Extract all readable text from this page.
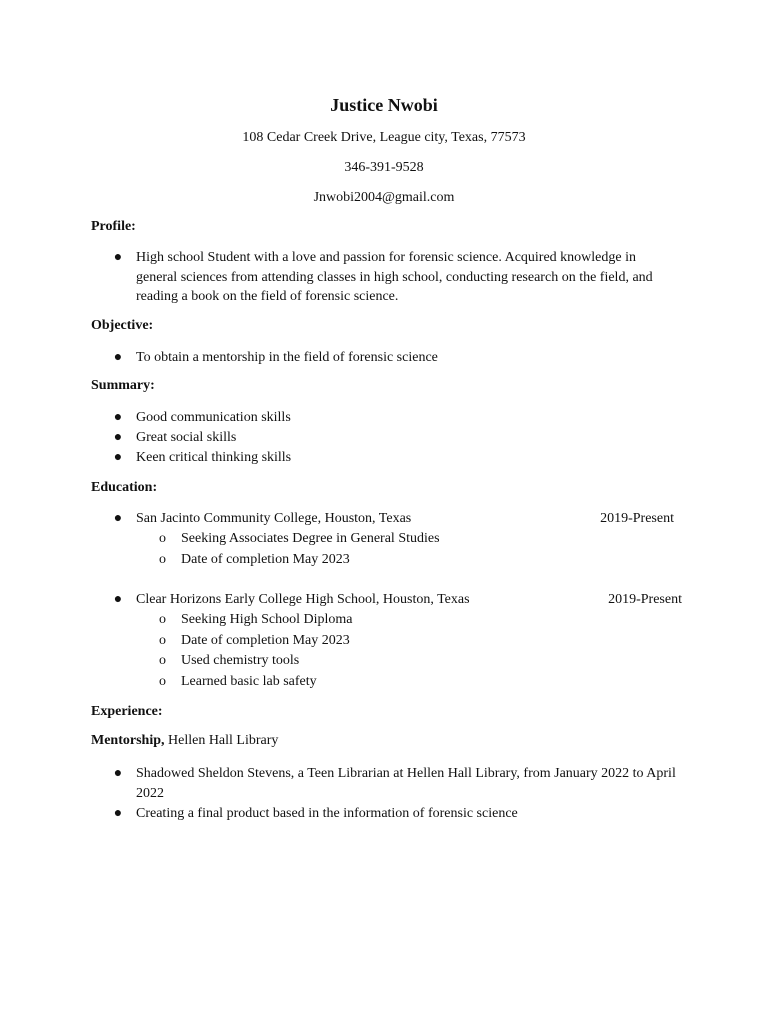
Justice Nwobi
108 Cedar Creek Drive, League city, Texas, 77573
346-391-9528
Jnwobi2004@gmail.com
Profile:
● High school Student with a love and passion for forensic science. Acquired knowledge in general sciences from attending classes in high school, conducting research on the field, and reading a book on the field of forensic science.
Objective:
● To obtain a mentorship in the field of forensic science
Summary:
● Good communication skills
● Great social skills
● Keen critical thinking skills
Education:
● San Jacinto Community College, Houston, Texas	2019-Present
o Seeking Associates Degree in General Studies
o Date of completion May 2023
● Clear Horizons Early College High School, Houston, Texas	2019-Present
o Seeking High School Diploma
o Date of completion May 2023
o Used chemistry tools
o Learned basic lab safety
Experience:
Mentorship, Hellen Hall Library
● Shadowed Sheldon Stevens, a Teen Librarian at Hellen Hall Library, from January 2022 to April 2022
● Creating a final product based in the information of forensic science
